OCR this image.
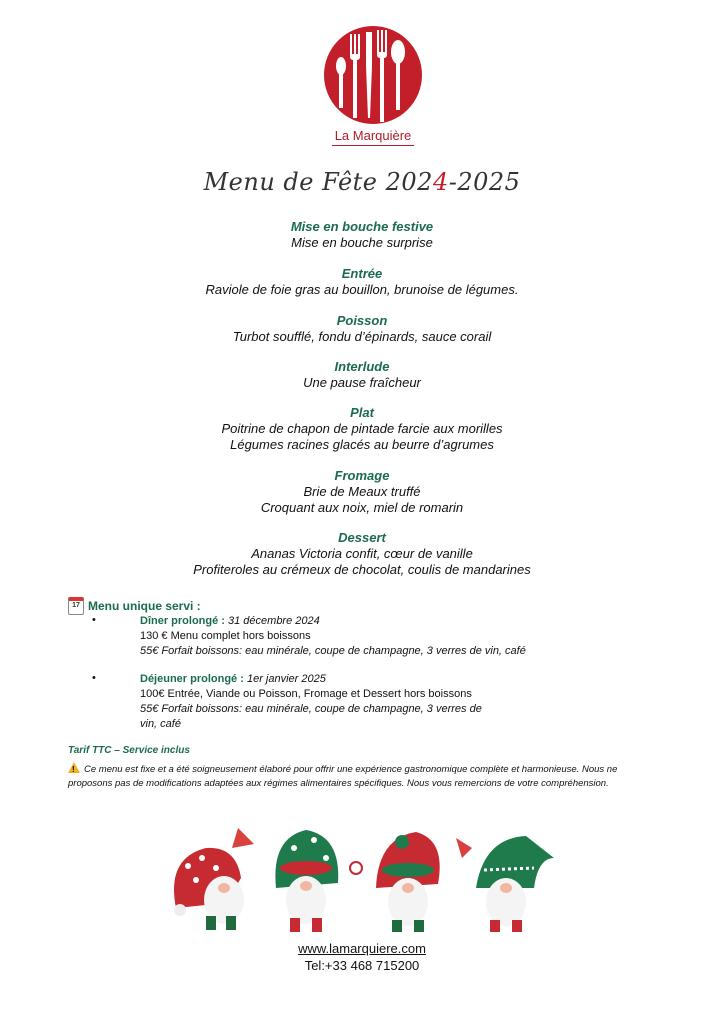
La Marquière
Menu de Fête 2024-2025
Mise en bouche festive

Mise en bouche surprise

Entrée

Raviole de foie gras au bouillon, brunoise de légumes.

Poisson

Turbot soufflé, fondu d’épinards, sauce corail

Interlude

Une pause fraîcheur

Plat

Poitrine de chapon de pintade farcie aux morilles

Légumes racines glacés au beurre d’agrumes

Fromage

Brie de Meaux truffé

Croquant aux noix, miel de romarin

Dessert

Ananas Victoria confit, cœur de vanille

Profiteroles au crémeux de chocolat, coulis de mandarines

17 Menu unique servi :
•	Dîner prolongé : 31 décembre 2024
130 € Menu complet hors boissons
55€ Forfait boissons: eau minérale, coupe de champagne, 3 verres de vin, café
•	Déjeuner prolongé : 1er janvier 2025
100€ Entrée, Viande ou Poisson, Fromage et Dessert hors boissons
55€ Forfait boissons: eau minérale, coupe de champagne, 3 verres de
vin, café
Tarif TTC – Service inclus
! Ce menu est fixe et a été soigneusement élaboré pour offrir une expérience gastronomique complète et harmonieuse. Nous ne proposons pas de modifications adaptées aux régimes alimentaires spécifiques. Nous vous remercions de votre compréhension.
www.lamarquiere.com
Tel:+33 468 715200
